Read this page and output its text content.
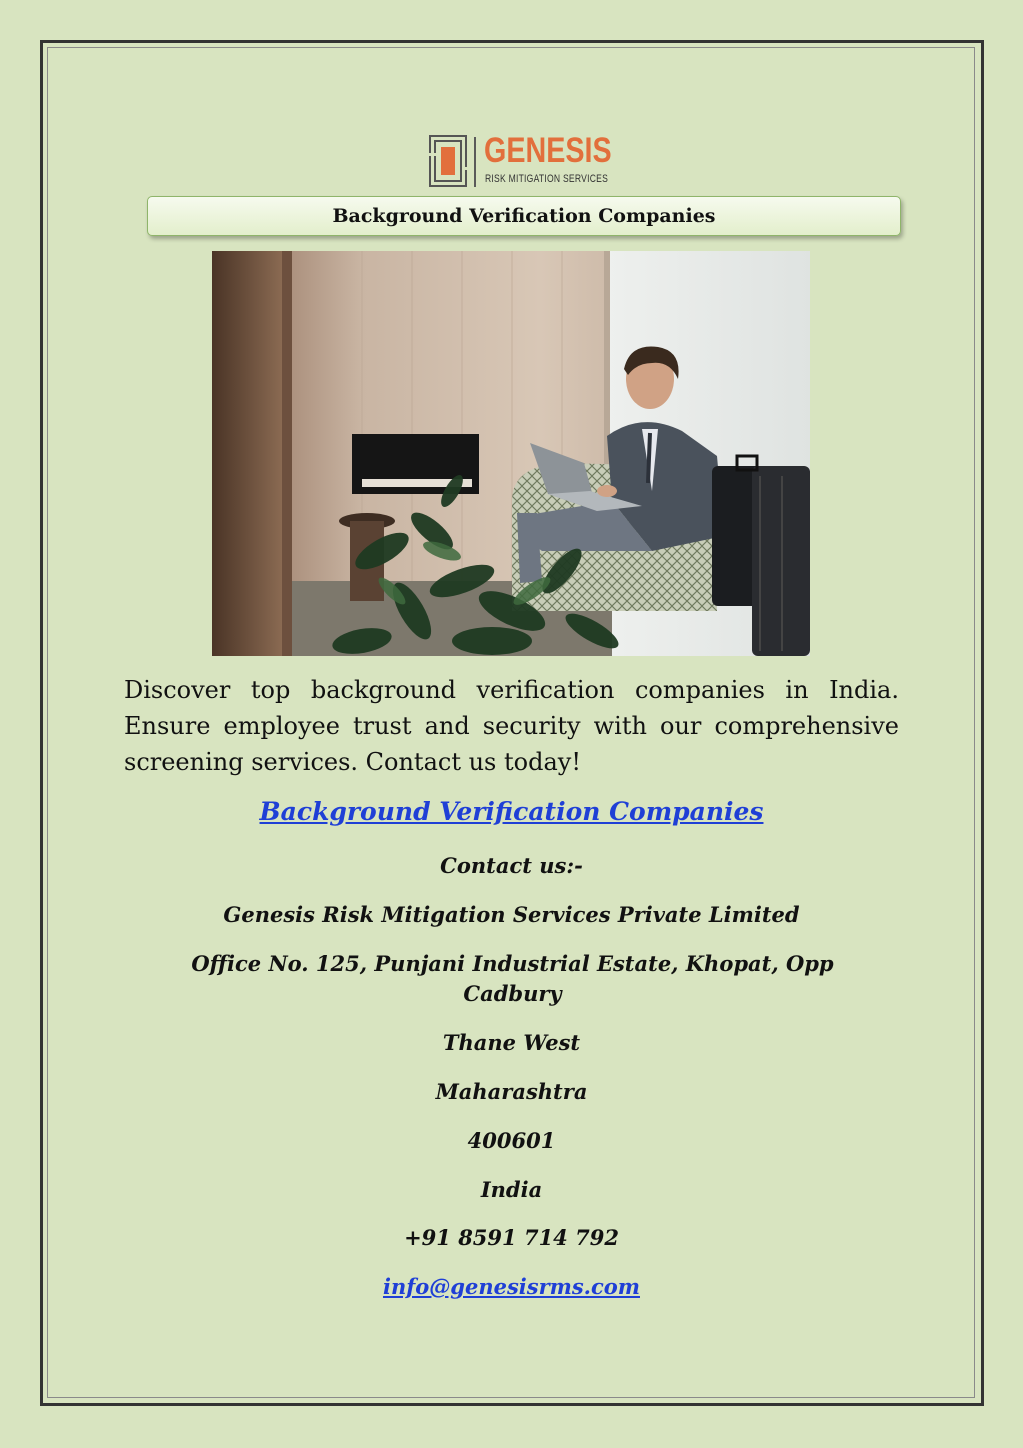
GENESIS
RISK MITIGATION SERVICES
Background Verification Companies
Discover top background verification companies in India. Ensure employee trust and security with our comprehensive screening services. Contact us today!
Background Verification Companies
Contact us:-
Genesis Risk Mitigation Services Private Limited
Office No. 125, Punjani Industrial Estate, Khopat, Opp Cadbury
Thane West
Maharashtra
400601
India
+91 8591 714 792
info@genesisrms.com
